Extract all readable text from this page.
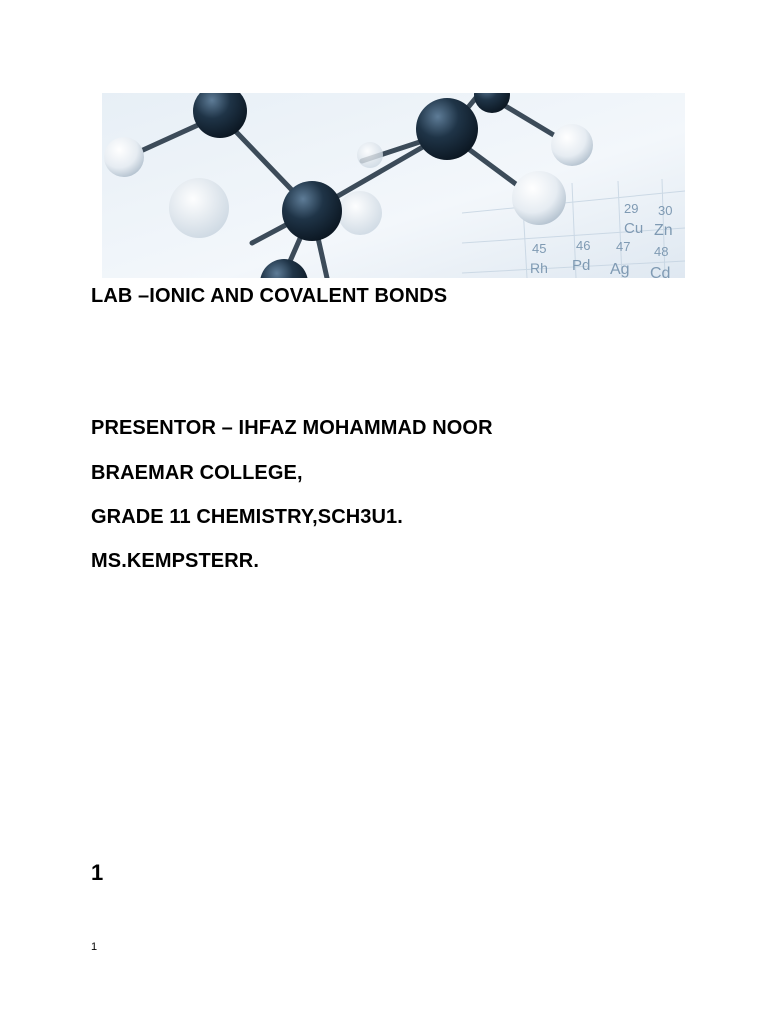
29 30
Cu Zn
45 46 47 48
Rh Pd Ag Cd

LAB –IONIC AND COVALENT BONDS

PRESENTOR – IHFAZ MOHAMMAD NOOR

BRAEMAR COLLEGE,

GRADE 11 CHEMISTRY,SCH3U1.

MS.KEMPSTERR.

1

1
